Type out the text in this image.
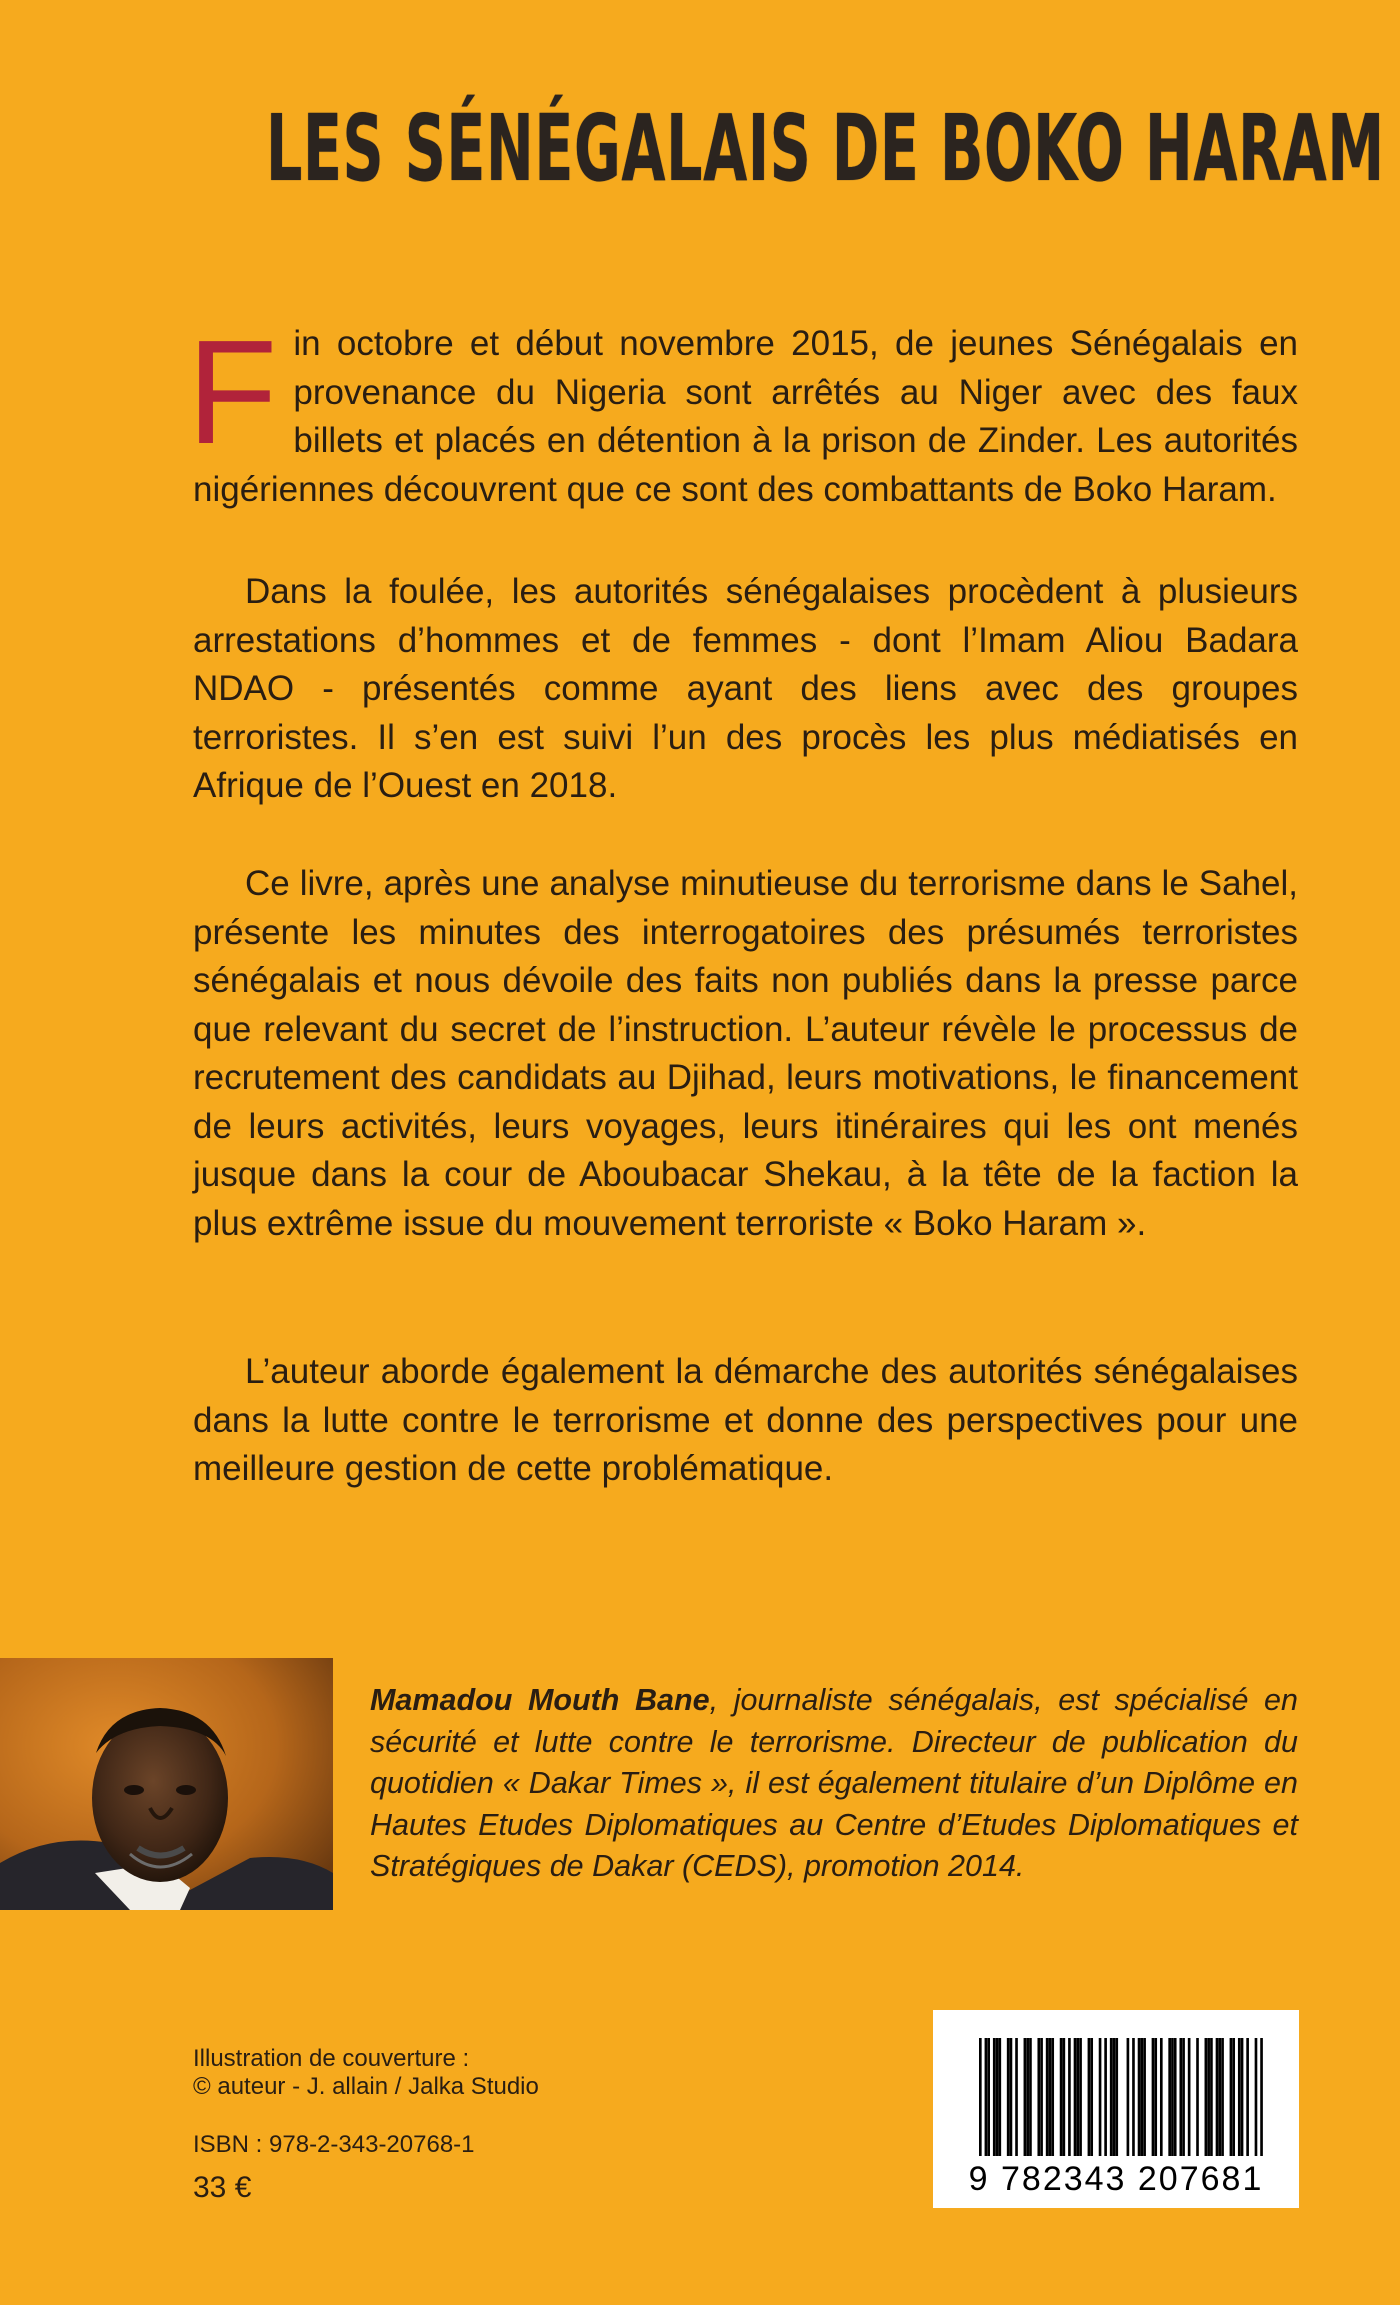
LES SÉNÉGALAIS DE BOKO HARAM

Fin octobre et début novembre 2015, de jeunes Sénégalais en provenance du Nigeria sont arrêtés au Niger avec des faux billets et placés en détention à la prison de Zinder. Les autorités nigériennes découvrent que ce sont des combattants de Boko Haram.

Dans la foulée, les autorités sénégalaises procèdent à plusieurs arrestations d’hommes et de femmes - dont l’Imam Aliou Badara NDAO - présentés comme ayant des liens avec des groupes terroristes. Il s’en est suivi l’un des procès les plus médiatisés en Afrique de l’Ouest en 2018.

Ce livre, après une analyse minutieuse du terrorisme dans le Sahel, présente les minutes des interrogatoires des présumés terroristes sénégalais et nous dévoile des faits non publiés dans la presse parce que relevant du secret de l’instruction. L’auteur révèle le processus de recrutement des candidats au Djihad, leurs motivations, le financement de leurs activités, leurs voyages, leurs itinéraires qui les ont menés jusque dans la cour de Aboubacar Shekau, à la tête de la faction la plus extrême issue du mouvement terroriste « Boko Haram ».

L’auteur aborde également la démarche des autorités sénégalaises dans la lutte contre le terrorisme et donne des perspectives pour une meilleure gestion de cette problématique.

Mamadou Mouth Bane, journaliste sénégalais, est spécialisé en sécurité et lutte contre le terrorisme. Directeur de publication du quotidien « Dakar Times », il est également titulaire d’un Diplôme en Hautes Etudes Diplomatiques au Centre d’Etudes Diplomatiques et Stratégiques de Dakar (CEDS), promotion 2014.

Illustration de couverture :
© auteur - J. allain / Jalka Studio
ISBN : 978-2-343-20768-1
33 €	9 782343 207681
